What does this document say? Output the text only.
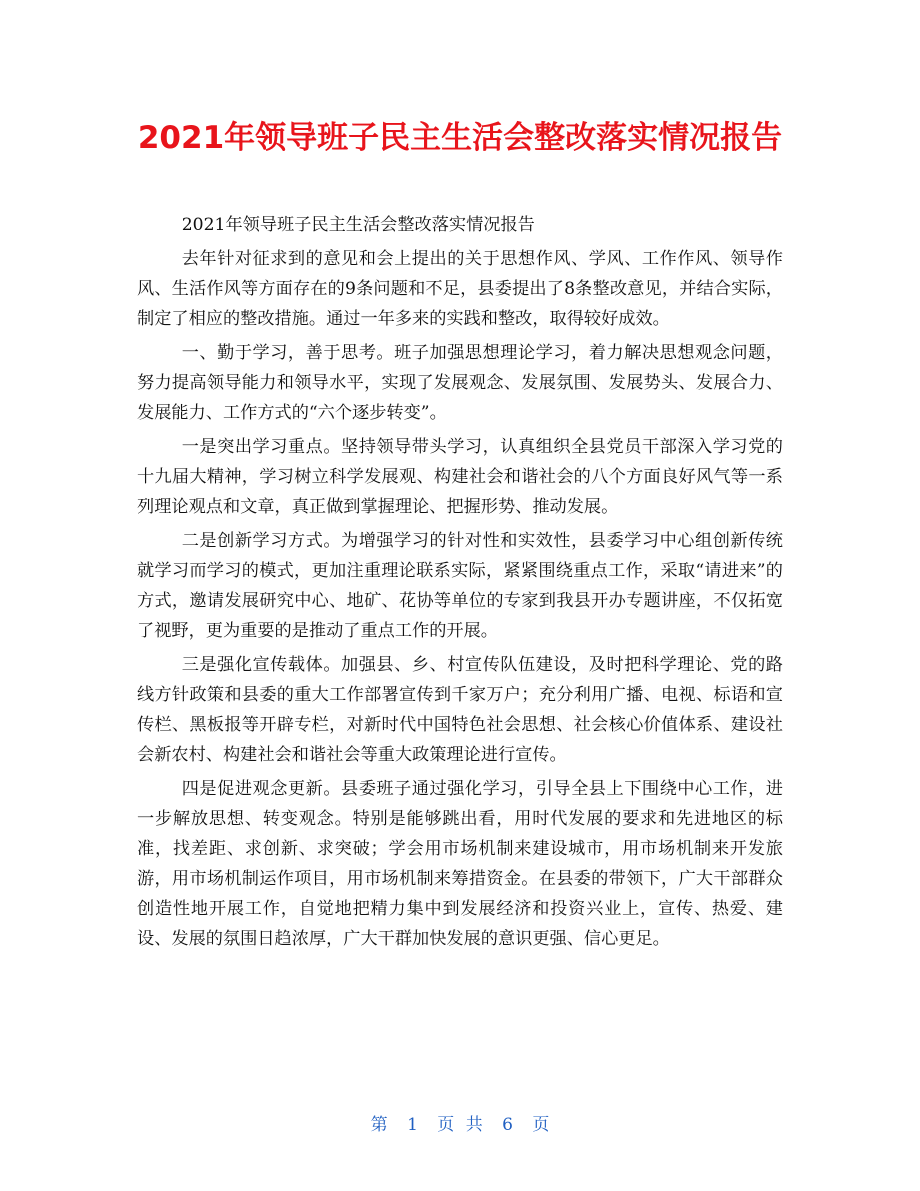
2021年领导班子民主生活会整改落实情况报告

2021年领导班子民主生活会整改落实情况报告

去年针对征求到的意见和会上提出的关于思想作风、学风、工作作风、领导作风、生活作风等方面存在的9条问题和不足，县委提出了8条整改意见，并结合实际，制定了相应的整改措施。通过一年多来的实践和整改，取得较好成效。

一、勤于学习，善于思考。班子加强思想理论学习，着力解决思想观念问题，努力提高领导能力和领导水平，实现了发展观念、发展氛围、发展势头、发展合力、发展能力、工作方式的“六个逐步转变”。

一是突出学习重点。坚持领导带头学习，认真组织全县党员干部深入学习党的十九届大精神，学习树立科学发展观、构建社会和谐社会的八个方面良好风气等一系列理论观点和文章，真正做到掌握理论、把握形势、推动发展。

二是创新学习方式。为增强学习的针对性和实效性，县委学习中心组创新传统就学习而学习的模式，更加注重理论联系实际，紧紧围绕重点工作，采取“请进来”的方式，邀请发展研究中心、地矿、花协等单位的专家到我县开办专题讲座，不仅拓宽了视野，更为重要的是推动了重点工作的开展。

三是强化宣传载体。加强县、乡、村宣传队伍建设，及时把科学理论、党的路线方针政策和县委的重大工作部署宣传到千家万户；充分利用广播、电视、标语和宣传栏、黑板报等开辟专栏，对新时代中国特色社会思想、社会核心价值体系、建设社会新农村、构建社会和谐社会等重大政策理论进行宣传。

四是促进观念更新。县委班子通过强化学习，引导全县上下围绕中心工作，进一步解放思想、转变观念。特别是能够跳出看，用时代发展的要求和先进地区的标准，找差距、求创新、求突破；学会用市场机制来建设城市，用市场机制来开发旅游，用市场机制运作项目，用市场机制来筹措资金。在县委的带领下，广大干部群众创造性地开展工作，自觉地把精力集中到发展经济和投资兴业上，宣传、热爱、建设、发展的氛围日趋浓厚，广大干群加快发展的意识更强、信心更足。

第 1 页 共 6 页
